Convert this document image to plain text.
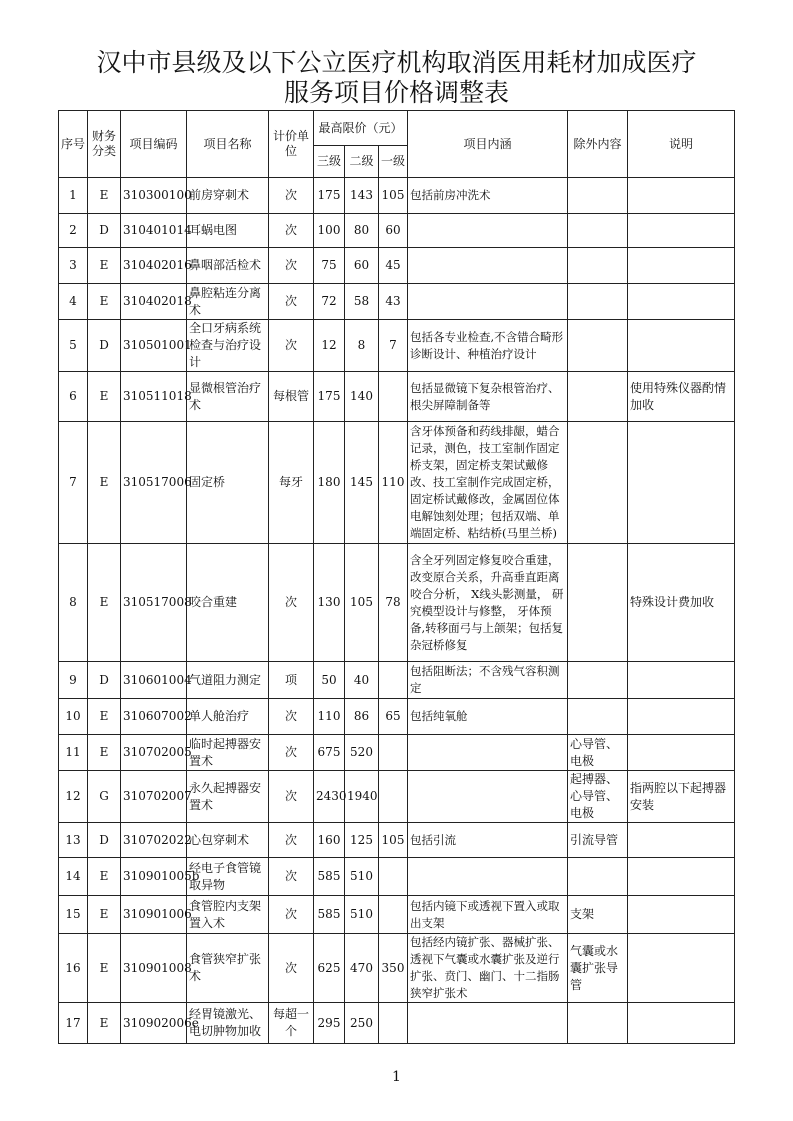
汉中市县级及以下公立医疗机构取消医用耗材加成医疗
服务项目价格调整表
序号	财务分类	项目编码	项目名称	计价单位	最高限价（元）			项目内涵	除外内容	说明
					三级	二级	一级			
1	E	310300100	前房穿刺术	次	175	143	105	包括前房冲洗术		
2	D	310401014	耳蜗电图	次	100	80	60			
3	E	310402016	鼻咽部活检术	次	75	60	45			
4	E	310402018	鼻腔粘连分离术	次	72	58	43			
5	D	310501001	全口牙病系统检查与治疗设计	次	12	8	7	包括各专业检查,不含错合畸形诊断设计、种植治疗设计		
6	E	310511018	显微根管治疗术	每根管	175	140		包括显微镜下复杂根管治疗、根尖屏障制备等		使用特殊仪器酌情加收
7	E	310517006	固定桥	每牙	180	145	110	含牙体预备和药线排龈，蜡合记录，测色，技工室制作固定桥支架，固定桥支架试戴修改、技工室制作完成固定桥，固定桥试戴修改，金属固位体电解蚀刻处理；包括双端、单端固定桥、粘结桥(马里兰桥)		
8	E	310517008	咬合重建	次	130	105	78	含全牙列固定修复咬合重建，改变原合关系，升高垂直距离咬合分析， X线头影测量， 研究模型设计与修整， 牙体预备,转移面弓与上颌架；包括复杂冠桥修复		特殊设计费加收
9	D	310601004	气道阻力测定	项	50	40		包括阻断法；不含残气容积测定		
10	E	310607002	单人舱治疗	次	110	86	65	包括纯氧舱		
11	E	310702005	临时起搏器安置术	次	675	520			心导管、电极	
12	G	310702007	永久起搏器安置术	次	2430	1940			起搏器、心导管、电极	指两腔以下起搏器安装
13	D	310702022	心包穿刺术	次	160	125	105	包括引流	引流导管	
14	E	310901005b	经电子食管镜取异物	次	585	510				
15	E	310901006	食管腔内支架置入术	次	585	510		包括内镜下或透视下置入或取出支架	支架	
16	E	310901008	食管狭窄扩张术	次	625	470	350	包括经内镜扩张、器械扩张、透视下气囊或水囊扩张及逆行扩张、贲门、幽门、十二指肠狭窄扩张术	气囊或水囊扩张导管	
17	E	310902006e	经胃镜激光、电切肿物加收	每超一个	295	250				
1
